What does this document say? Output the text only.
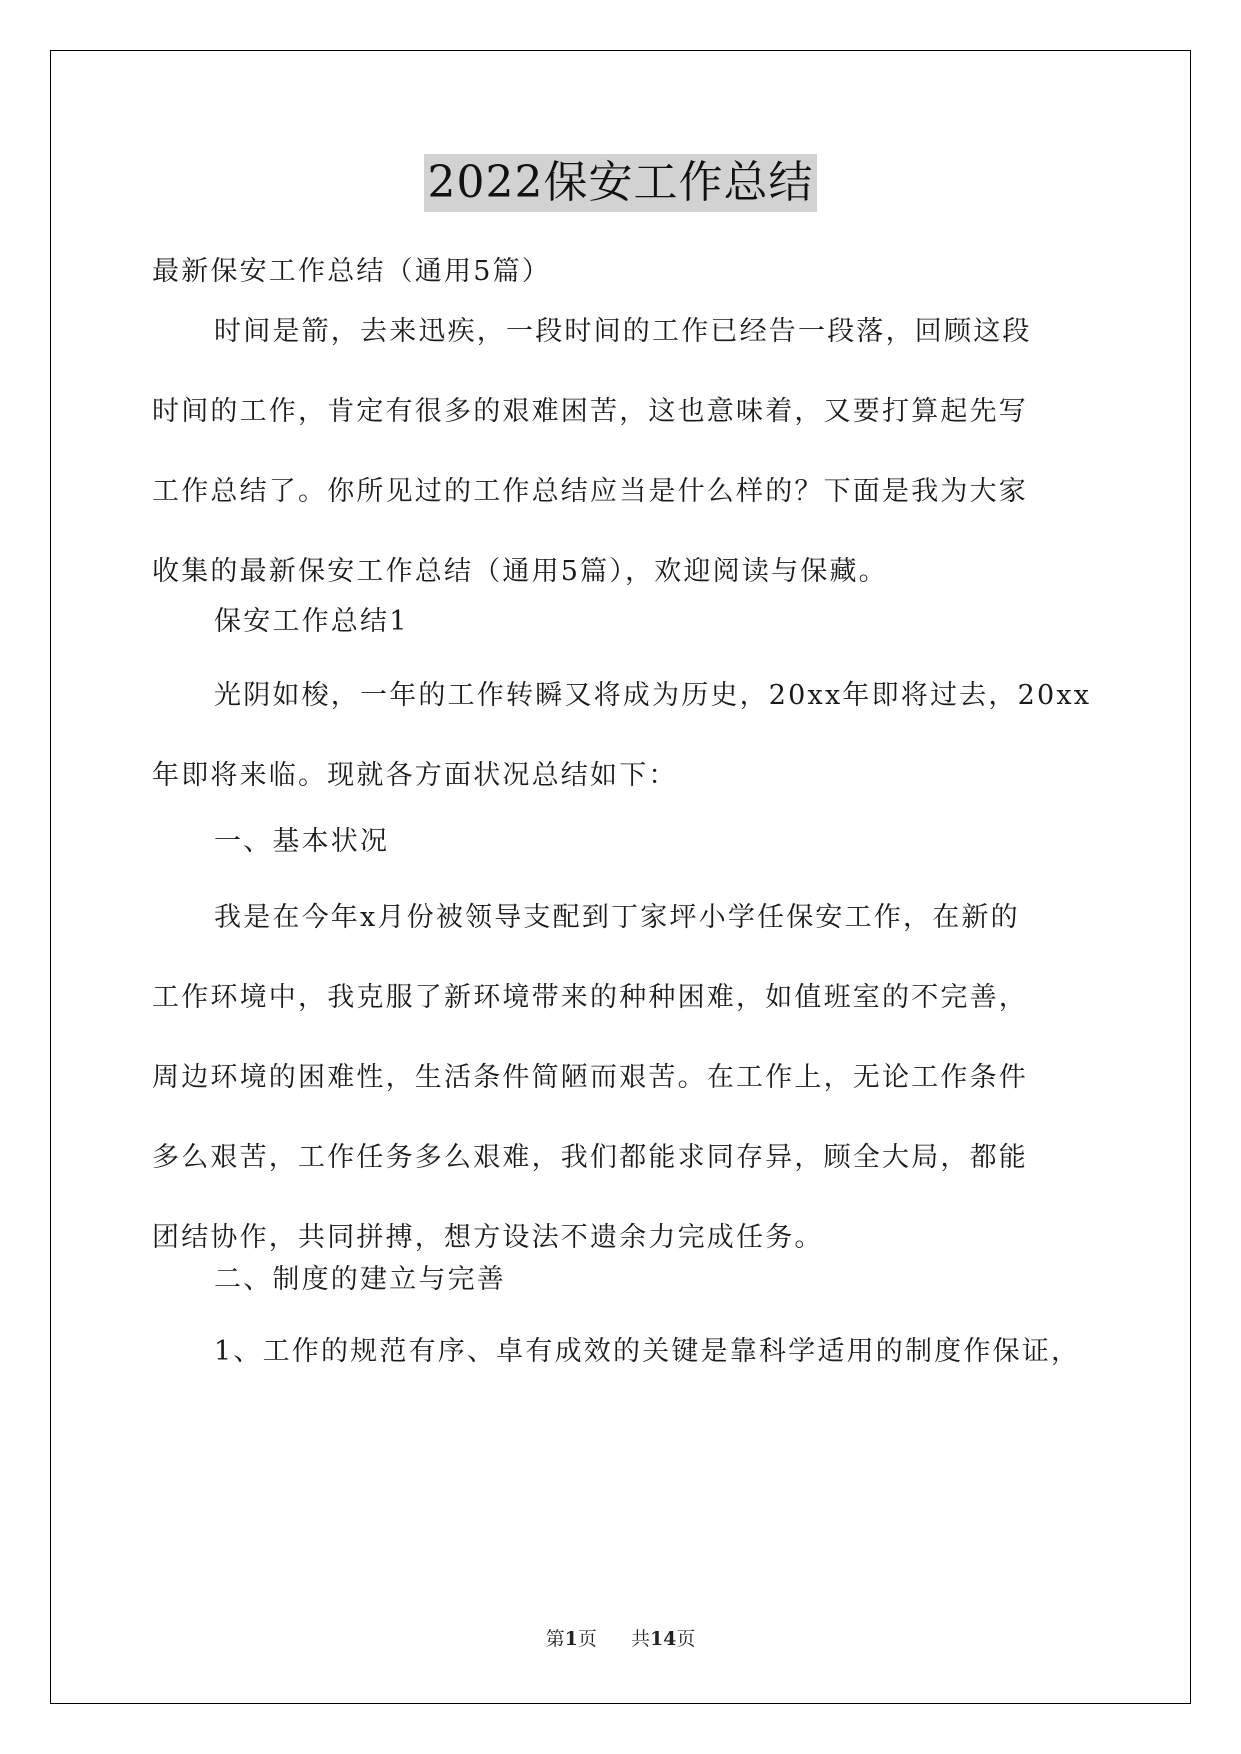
2022保安工作总结

最新保安工作总结（通用5篇）

时间是箭，去来迅疾，一段时间的工作已经告一段落，回顾这段
时间的工作，肯定有很多的艰难困苦，这也意味着，又要打算起先写
工作总结了。你所见过的工作总结应当是什么样的？下面是我为大家
收集的最新保安工作总结（通用5篇），欢迎阅读与保藏。

保安工作总结1

光阴如梭，一年的工作转瞬又将成为历史，20xx年即将过去，20xx
年即将来临。现就各方面状况总结如下：

一、基本状况

我是在今年x月份被领导支配到丁家坪小学任保安工作，在新的
工作环境中，我克服了新环境带来的种种困难，如值班室的不完善，
周边环境的困难性，生活条件简陋而艰苦。在工作上，无论工作条件
多么艰苦，工作任务多么艰难，我们都能求同存异，顾全大局，都能
团结协作，共同拼搏，想方设法不遗余力完成任务。

二、制度的建立与完善

1、工作的规范有序、卓有成效的关键是靠科学适用的制度作保证，

第1页 共14页
